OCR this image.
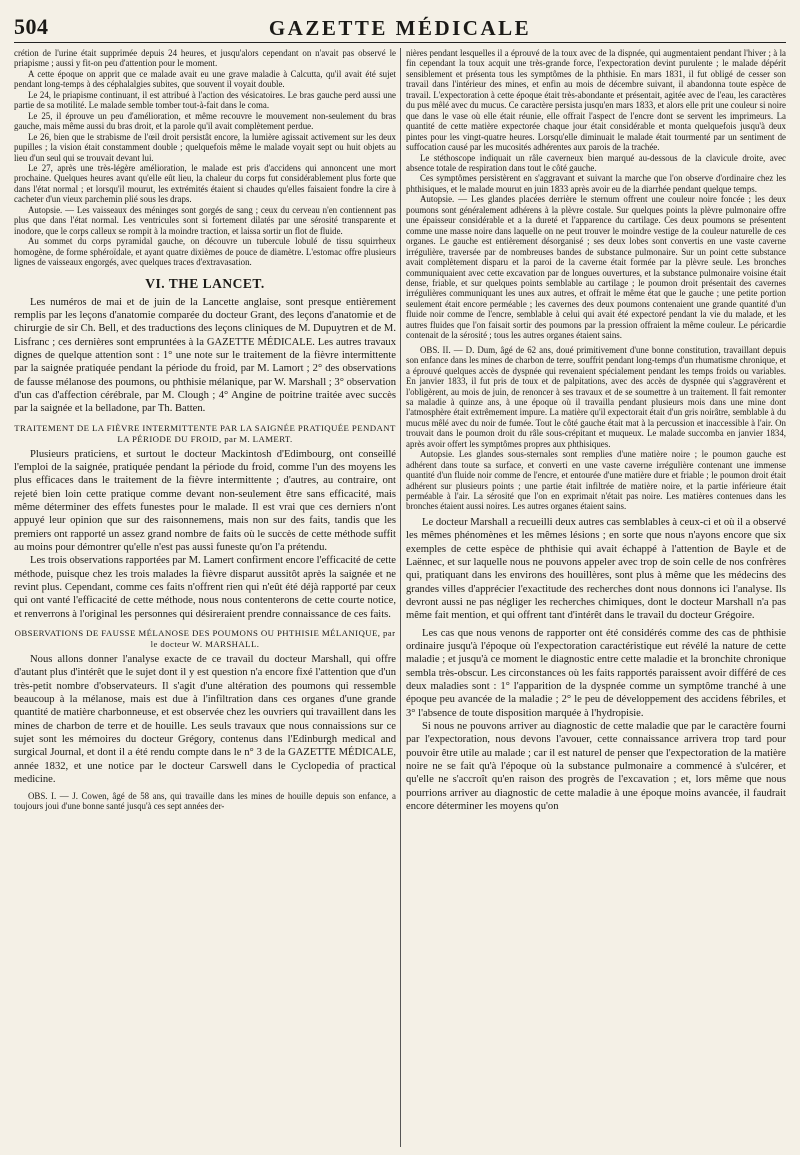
504	GAZETTE MÉDICALE

crétion de l'urine était supprimée depuis 24 heures, et jusqu'alors cependant on n'avait pas observé le priapisme ; aussi y fit-on peu d'attention pour le moment.

A cette époque on apprit que ce malade avait eu une grave maladie à Calcutta, qu'il avait été sujet pendant long-temps à des céphalalgies subites, que souvent il voyait double.

Le 24, le priapisme continuant, il est attribué à l'action des vésicatoires. Le bras gauche perd aussi une partie de sa motilité. Le malade semble tomber tout-à-fait dans le coma.

Le 25, il éprouve un peu d'amélioration, et même recouvre le mouvement non-seulement du bras gauche, mais même aussi du bras droit, et la parole qu'il avait complètement perdue.

Le 26, bien que le strabisme de l'œil droit persistât encore, la lumière agissait activement sur les deux pupilles ; la vision était constamment double ; quelquefois même le malade voyait sept ou huit objets au lieu d'un seul qui se trouvait devant lui.

Le 27, après une très-légère amélioration, le malade est pris d'accidens qui annoncent une mort prochaine. Quelques heures avant qu'elle eût lieu, la chaleur du corps fut considérablement plus forte que dans l'état normal ; et lorsqu'il mourut, les extrémités étaient si chaudes qu'elles faisaient fondre la cire à cacheter d'un vieux parchemin plié sous les draps.

Autopsie. — Les vaisseaux des méninges sont gorgés de sang ; ceux du cerveau n'en contiennent pas plus que dans l'état normal. Les ventricules sont si fortement dilatés par une sérosité transparente et inodore, que le corps calleux se rompit à la moindre traction, et laissa sortir un flot de fluide.

Au sommet du corps pyramidal gauche, on découvre un tubercule lobulé de tissu squirrheux homogène, de forme sphéroïdale, et ayant quatre dixièmes de pouce de diamètre. L'estomac offre plusieurs lignes de vaisseaux engorgés, avec quelques traces d'extravasation.

VI. THE LANCET.

Les numéros de mai et de juin de la Lancette anglaise, sont presque entièrement remplis par les leçons d'anatomie comparée du docteur Grant, des leçons d'anatomie et de chirurgie de sir Ch. Bell, et des traductions des leçons cliniques de M. Dupuytren et de M. Lisfranc ; ces dernières sont empruntées à la GAZETTE MÉDICALE. Les autres travaux dignes de quelque attention sont : 1° une note sur le traitement de la fièvre intermittente par la saignée pratiquée pendant la période du froid, par M. Lamort ; 2° des observations de fausse mélanose des poumons, ou phthisie mélanique, par W. Marshall ; 3° observation d'un cas d'affection cérébrale, par M. Clough ; 4° Angine de poitrine traitée avec succès par la saignée et la belladone, par Th. Batten.

TRAITEMENT DE LA FIÈVRE INTERMITTENTE PAR LA SAIGNÉE PRATIQUÉE PENDANT LA PÉRIODE DU FROID, par M. LAMERT.

Plusieurs praticiens, et surtout le docteur Mackintosh d'Edimbourg, ont conseillé l'emploi de la saignée, pratiquée pendant la période du froid, comme l'un des moyens les plus efficaces dans le traitement de la fièvre intermittente ; d'autres, au contraire, ont rejeté bien loin cette pratique comme devant non-seulement être sans efficacité, mais même déterminer des effets funestes pour le malade. Il est vrai que ces derniers n'ont appuyé leur opinion que sur des raisonnemens, mais non sur des faits, tandis que les premiers ont rapporté un assez grand nombre de faits où le succès de cette méthode suffit au moins pour démontrer qu'elle n'est pas aussi funeste qu'on l'a prétendu.

Les trois observations rapportées par M. Lamert confirment encore l'efficacité de cette méthode, puisque chez les trois malades la fièvre disparut aussitôt après la saignée et ne revint plus. Cependant, comme ces faits n'offrent rien qui n'eût été déjà rapporté par ceux qui ont vanté l'efficacité de cette méthode, nous nous contenterons de cette courte notice, et renverrons à l'original les personnes qui désireraient prendre connaissance de ces faits.

OBSERVATIONS DE FAUSSE MÉLANOSE DES POUMONS OU PHTHISIE MÉLANIQUE, par le docteur W. MARSHALL.

Nous allons donner l'analyse exacte de ce travail du docteur Marshall, qui offre d'autant plus d'intérêt que le sujet dont il y est question n'a encore fixé l'attention que d'un très-petit nombre d'observateurs. Il s'agit d'une altération des poumons qui ressemble beaucoup à la mélanose, mais est due à l'infiltration dans ces organes d'une grande quantité de matière charbonneuse, et est observée chez les ouvriers qui travaillent dans les mines de charbon de terre et de houille. Les seuls travaux que nous connaissions sur ce sujet sont les mémoires du docteur Grégory, contenus dans l'Edinburgh medical and surgical Journal, et dont il a été rendu compte dans le n° 3 de la GAZETTE MÉDICALE, année 1832, et une notice par le docteur Carswell dans le Cyclopedia of practical medicine.

OBS. I. — J. Cowen, âgé de 58 ans, qui travaille dans les mines de houille depuis son enfance, a toujours joui d'une bonne santé jusqu'à ces sept années der-

nières pendant lesquelles il a éprouvé de la toux avec de la dispnée, qui augmentaient pendant l'hiver ; à la fin cependant la toux acquit une très-grande force, l'expectoration devint purulente ; le malade dépérit sensiblement et présenta tous les symptômes de la phthisie. En mars 1831, il fut obligé de cesser son travail dans l'intérieur des mines, et enfin au mois de décembre suivant, il abandonna toute espèce de travail. L'expectoration à cette époque était très-abondante et présentait, agitée avec de l'eau, les caractères du pus mêlé avec du mucus. Ce caractère persista jusqu'en mars 1833, et alors elle prit une couleur si noire que dans le vase où elle était réunie, elle offrait l'aspect de l'encre dont se servent les imprimeurs. La quantité de cette matière expectorée chaque jour était considérable et monta quelquefois jusqu'à deux pintes pour les vingt-quatre heures. Lorsqu'elle diminuait le malade était tourmenté par un sentiment de suffocation causé par les mucosités adhérentes aux parois de la trachée.

Le stéthoscope indiquait un râle caverneux bien marqué au-dessous de la clavicule droite, avec absence totale de respiration dans tout le côté gauche.

Ces symptômes persistèrent en s'aggravant et suivant la marche que l'on observe d'ordinaire chez les phthisiques, et le malade mourut en juin 1833 après avoir eu de la diarrhée pendant quelque temps.

Autopsie. — Les glandes placées derrière le sternum offrent une couleur noire foncée ; les deux poumons sont généralement adhérens à la plèvre costale. Sur quelques points la plèvre pulmonaire offre une épaisseur considérable et a la dureté et l'apparence du cartilage. Ces deux poumons se présentent comme une masse noire dans laquelle on ne peut trouver le moindre vestige de la couleur naturelle de ces organes. Le gauche est entièrement désorganisé ; ses deux lobes sont convertis en une vaste caverne irrégulière, traversée par de nombreuses bandes de substance pulmonaire. Sur un point cette substance avait complètement disparu et la paroi de la caverne était formée par la plèvre seule. Les bronches communiquaient avec cette excavation par de longues ouvertures, et la substance pulmonaire voisine était dense, friable, et sur quelques points semblable au cartilage ; le poumon droit présentait des cavernes irrégulières communiquant les unes aux autres, et offrait le même état que le gauche ; une petite portion seulement était encore perméable ; les cavernes des deux poumons contenaient une grande quantité d'un fluide noir comme de l'encre, semblable à celui qui avait été expectoré pendant la vie du malade, et les autres fluides que l'on faisait sortir des poumons par la pression offraient la même couleur. Le péricardie contenait de la sérosité ; tous les autres organes étaient sains.

OBS. II. — D. Dum, âgé de 62 ans, doué primitivement d'une bonne constitution, travaillant depuis son enfance dans les mines de charbon de terre, souffrit pendant long-temps d'un rhumatisme chronique, et a éprouvé quelques accès de dyspnée qui revenaient spécialement pendant les temps froids ou variables. En janvier 1833, il fut pris de toux et de palpitations, avec des accès de dyspnée qui s'aggravèrent et l'obligèrent, au mois de juin, de renoncer à ses travaux et de se soumettre à un traitement. Il fait remonter sa maladie à quinze ans, à une époque où il travailla pendant plusieurs mois dans une mine dont l'atmosphère était extrêmement impure. La matière qu'il expectorait était d'un gris noirâtre, semblable à du mucus mêlé avec du noir de fumée. Tout le côté gauche était mat à la percussion et inaccessible à l'air. On trouvait dans le poumon droit du râle sous-crépitant et muqueux. Le malade succomba en janvier 1834, après avoir offert les symptômes propres aux phthisiques.

Autopsie. Les glandes sous-sternales sont remplies d'une matière noire ; le poumon gauche est adhérent dans toute sa surface, et converti en une vaste caverne irrégulière contenant une immense quantité d'un fluide noir comme de l'encre, et entourée d'une matière dure et friable ; le poumon droit était adhérent sur plusieurs points ; une partie était infiltrée de matière noire, et la partie inférieure était perméable à l'air. La sérosité que l'on en exprimait n'était pas noire. Les matières contenues dans les bronches étaient aussi noires. Les autres organes étaient sains.

Le docteur Marshall a recueilli deux autres cas semblables à ceux-ci et où il a observé les mêmes phénomènes et les mêmes lésions ; en sorte que nous n'ayons encore que six exemples de cette espèce de phthisie qui avait échappé à l'attention de Bayle et de Laënnec, et sur laquelle nous ne pouvons appeler avec trop de soin celle de nos confrères qui, pratiquant dans les environs des houillères, sont plus à même que les médecins des grandes villes d'apprécier l'exactitude des recherches dont nous donnons ici l'analyse. Ils devront aussi ne pas négliger les recherches chimiques, dont le docteur Marshall n'a pas même fait mention, et qui offrent tant d'intérêt dans le travail du docteur Grégoire.

Les cas que nous venons de rapporter ont été considérés comme des cas de phthisie ordinaire jusqu'à l'époque où l'expectoration caractéristique eut révélé la nature de cette maladie ; et jusqu'à ce moment le diagnostic entre cette maladie et la bronchite chronique sembla très-obscur. Les circonstances où les faits rapportés paraissent avoir différé de ces deux maladies sont : 1° l'apparition de la dyspnée comme un symptôme tranché à une époque peu avancée de la maladie ; 2° le peu de développement des accidens fébriles, et 3° l'absence de toute disposition marquée à l'hydropisie.

Si nous ne pouvons arriver au diagnostic de cette maladie que par le caractère fourni par l'expectoration, nous devons l'avouer, cette connaissance arrivera trop tard pour pouvoir être utile au malade ; car il est naturel de penser que l'expectoration de la matière noire ne se fait qu'à l'époque où la substance pulmonaire a commencé à s'ulcérer, et qu'elle ne s'accroît qu'en raison des progrès de l'excavation ; et, lors même que nous pourrions arriver au diagnostic de cette maladie à une époque moins avancée, il faudrait encore déterminer les moyens qu'on
